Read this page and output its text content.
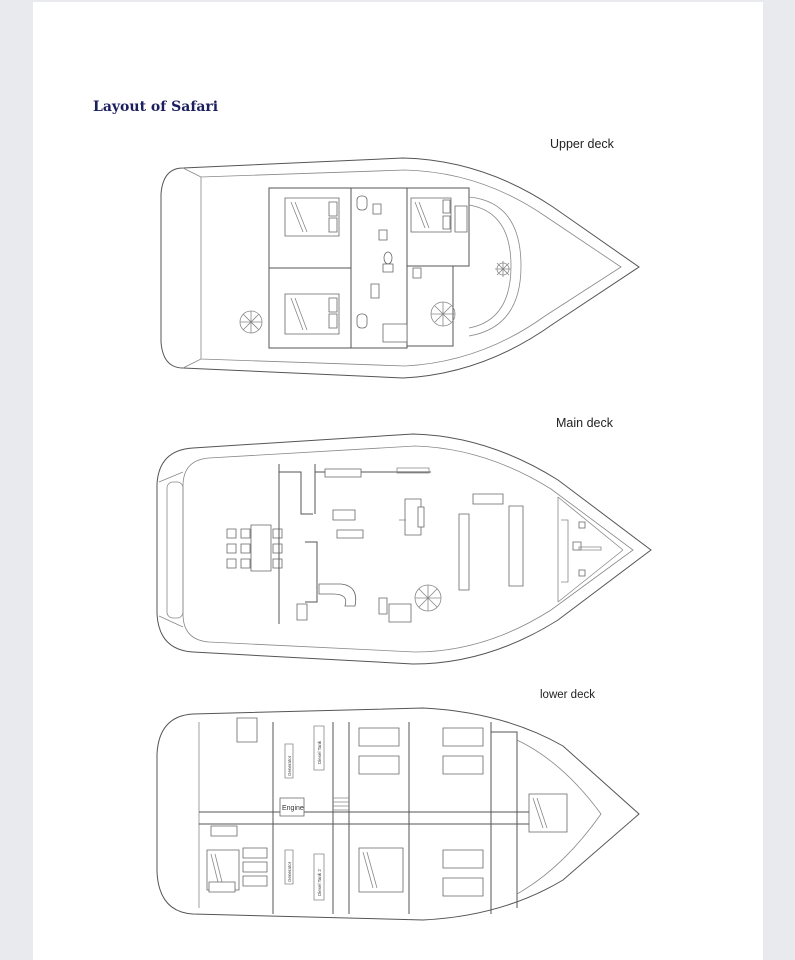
Layout of Safari

Upper deck

Main deck

lower deck

Engine
Generator
Generator
Diesel Tank
Diesel Tank 2
